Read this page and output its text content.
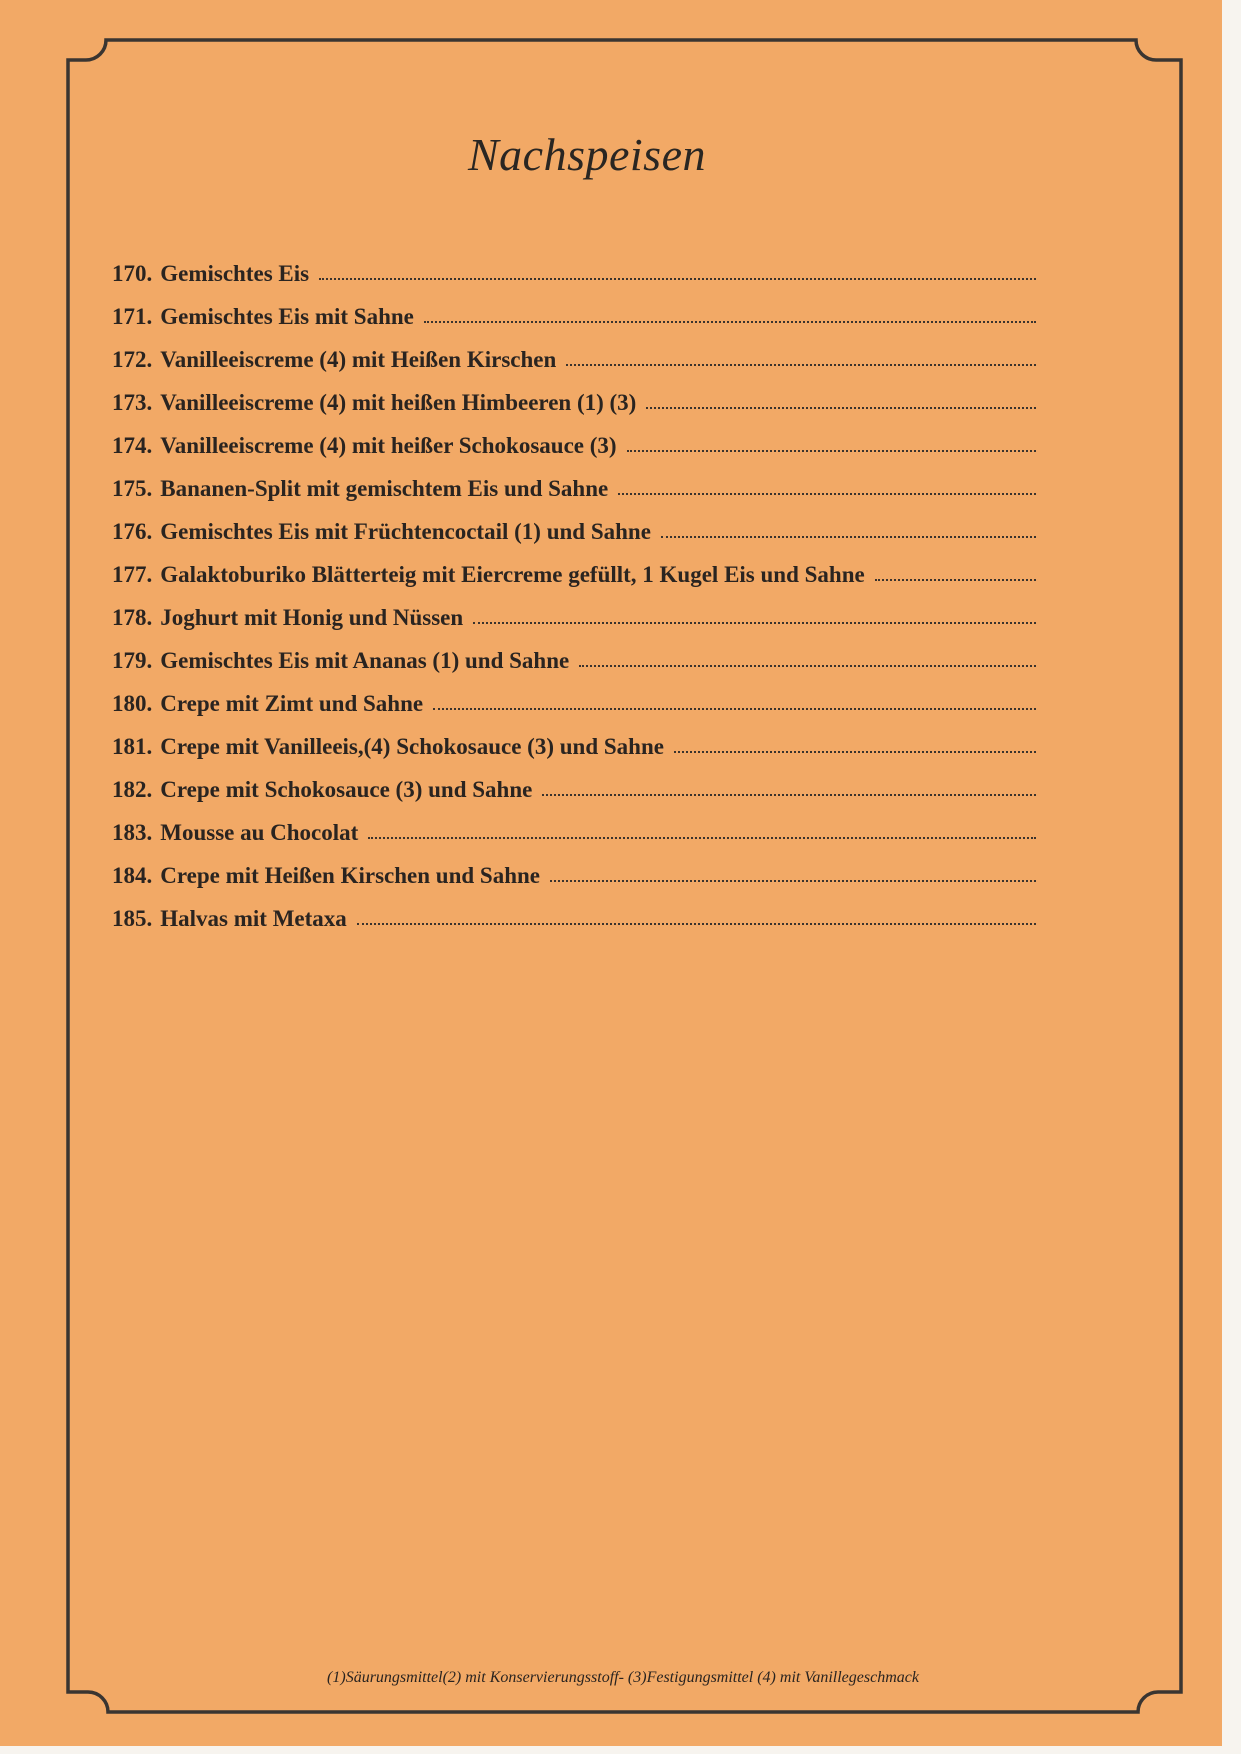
Nachspeisen
170. Gemischtes Eis
171. Gemischtes Eis mit Sahne
172. Vanilleeiscreme (4) mit Heißen Kirschen
173. Vanilleeiscreme (4) mit heißen Himbeeren (1) (3)
174. Vanilleeiscreme (4) mit heißer Schokosauce (3)
175. Bananen-Split mit gemischtem Eis und Sahne
176. Gemischtes Eis mit Früchtencoctail (1) und Sahne
177. Galaktoburiko Blätterteig mit Eiercreme gefüllt, 1 Kugel Eis und Sahne
178. Joghurt mit Honig und Nüssen
179. Gemischtes Eis mit Ananas (1) und Sahne
180. Crepe mit Zimt und Sahne
181. Crepe mit Vanilleeis,(4) Schokosauce (3) und Sahne
182. Crepe mit Schokosauce (3) und Sahne
183. Mousse au Chocolat
184. Crepe mit Heißen Kirschen und Sahne
185. Halvas mit Metaxa
(1)Säurungsmittel(2) mit Konservierungsstoff- (3)Festigungsmittel (4) mit Vanillegeschmack
